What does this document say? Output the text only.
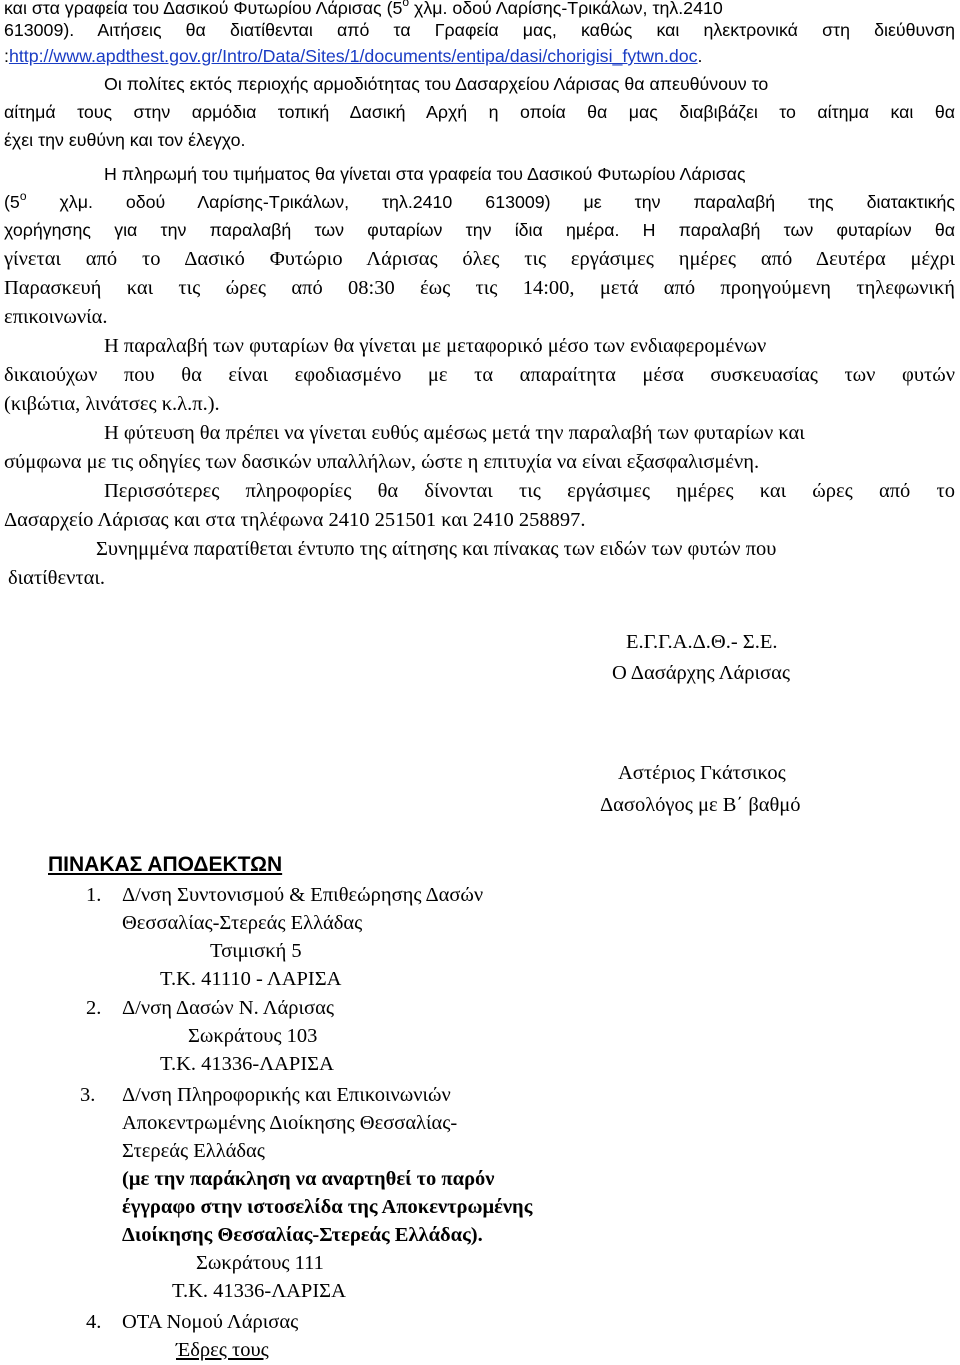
και στα γραφεία του Δασικού Φυτωρίου Λάρισας ($5^o$ χλμ. οδού Λαρίσης-Τρικάλων, τηλ.2410
613009). Αιτήσεις θα διατίθενται από τα Γραφεία μας, καθώς και ηλεκτρονικά στη διεύθυνση
:http://www.apdthest.gov.gr/Intro/Data/Sites/1/documents/entipa/dasi/chorigisi_fytwn.doc.
Οι πολίτες εκτός περιοχής αρμοδιότητας του Δασαρχείου Λάρισας θα απευθύνουν το
αίτημά τους στην αρμόδια τοπική Δασική Αρχή η οποία θα μας διαβιβάζει το αίτημα και θα
έχει την ευθύνη και τον έλεγχο.
Η πληρωμή του τιμήματος θα γίνεται στα γραφεία του Δασικού Φυτωρίου Λάρισας
($5^o$ χλμ. οδού Λαρίσης-Τρικάλων, τηλ.2410 613009) με την παραλαβή της διατακτικής
χορήγησης για την παραλαβή των φυταρίων την ίδια ημέρα. Η παραλαβή των φυταρίων θα
γίνεται από το Δασικό Φυτώριο Λάρισας όλες τις εργάσιμες ημέρες από Δευτέρα μέχρι
Παρασκευή και τις ώρες από 08:30 έως τις 14:00, μετά από προηγούμενη τηλεφωνική
επικοινωνία.
Η παραλαβή των φυταρίων θα γίνεται με μεταφορικό μέσο των ενδιαφερομένων
δικαιούχων που θα είναι εφοδιασμένο με τα απαραίτητα μέσα συσκευασίας των φυτών
(κιβώτια, λινάτσες κ.λ.π.).
Η φύτευση θα πρέπει να γίνεται ευθύς αμέσως μετά την παραλαβή των φυταρίων και
σύμφωνα με τις οδηγίες των δασικών υπαλλήλων, ώστε η επιτυχία να είναι εξασφαλισμένη.
Περισσότερες πληροφορίες θα δίνονται τις εργάσιμες ημέρες και ώρες από το
Δασαρχείο Λάρισας και στα τηλέφωνα 2410 251501 και 2410 258897.
Συνημμένα παρατίθεται έντυπο της αίτησης και πίνακας των ειδών των φυτών που
διατίθενται.
Ε.Γ.Γ.Α.Δ.Θ.- Σ.Ε.
Ο Δασάρχης Λάρισας
Αστέριος Γκάτσικος
Δασολόγος με Β΄ βαθμό
ΠΙΝΑΚΑΣ ΑΠΟΔΕΚΤΩΝ
1. Δ/νση Συντονισμού & Επιθεώρησης Δασών
Θεσσαλίας-Στερεάς Ελλάδας
Τσιμισκή 5
Τ.Κ. 41110 - ΛΑΡΙΣΑ
2. Δ/νση Δασών Ν. Λάρισας
Σωκράτους 103
Τ.Κ. 41336-ΛΑΡΙΣΑ
3. Δ/νση Πληροφορικής και Επικοινωνιών
Αποκεντρωμένης Διοίκησης Θεσσαλίας-
Στερεάς Ελλάδας
(με την παράκληση να αναρτηθεί το παρόν
έγγραφο στην ιστοσελίδα της Αποκεντρωμένης
Διοίκησης Θεσσαλίας-Στερεάς Ελλάδας).
Σωκράτους 111
Τ.Κ. 41336-ΛΑΡΙΣΑ
4. ΟΤΑ Νομού Λάρισας
Έδρες τους
